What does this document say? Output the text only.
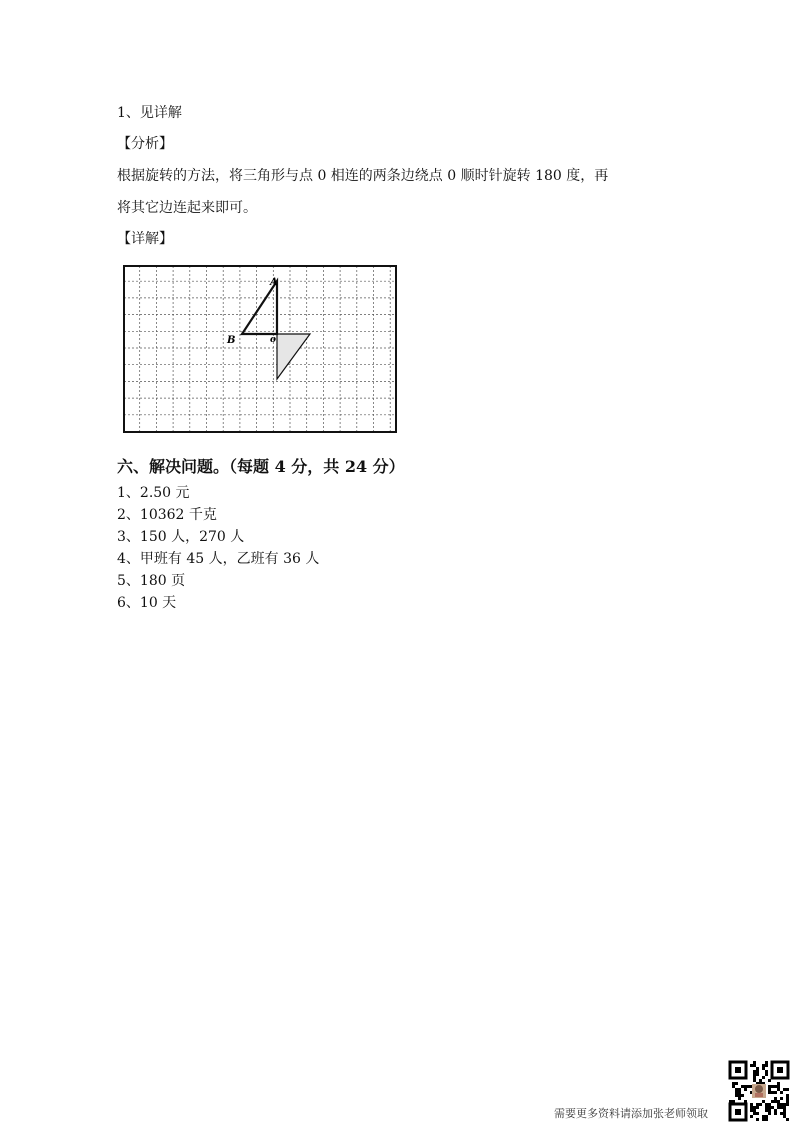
1、见详解
【分析】
根据旋转的方法，将三角形与点 0 相连的两条边绕点 0 顺时针旋转 180 度，再
将其它边连起来即可。
【详解】
A
B	o
六、解决问题。（每题 4 分，共 24 分）
1、2.50 元
2、10362 千克
3、150 人，270 人
4、甲班有 45 人，乙班有 36 人
5、180 页
6、10 天
需要更多资料请添加张老师领取
